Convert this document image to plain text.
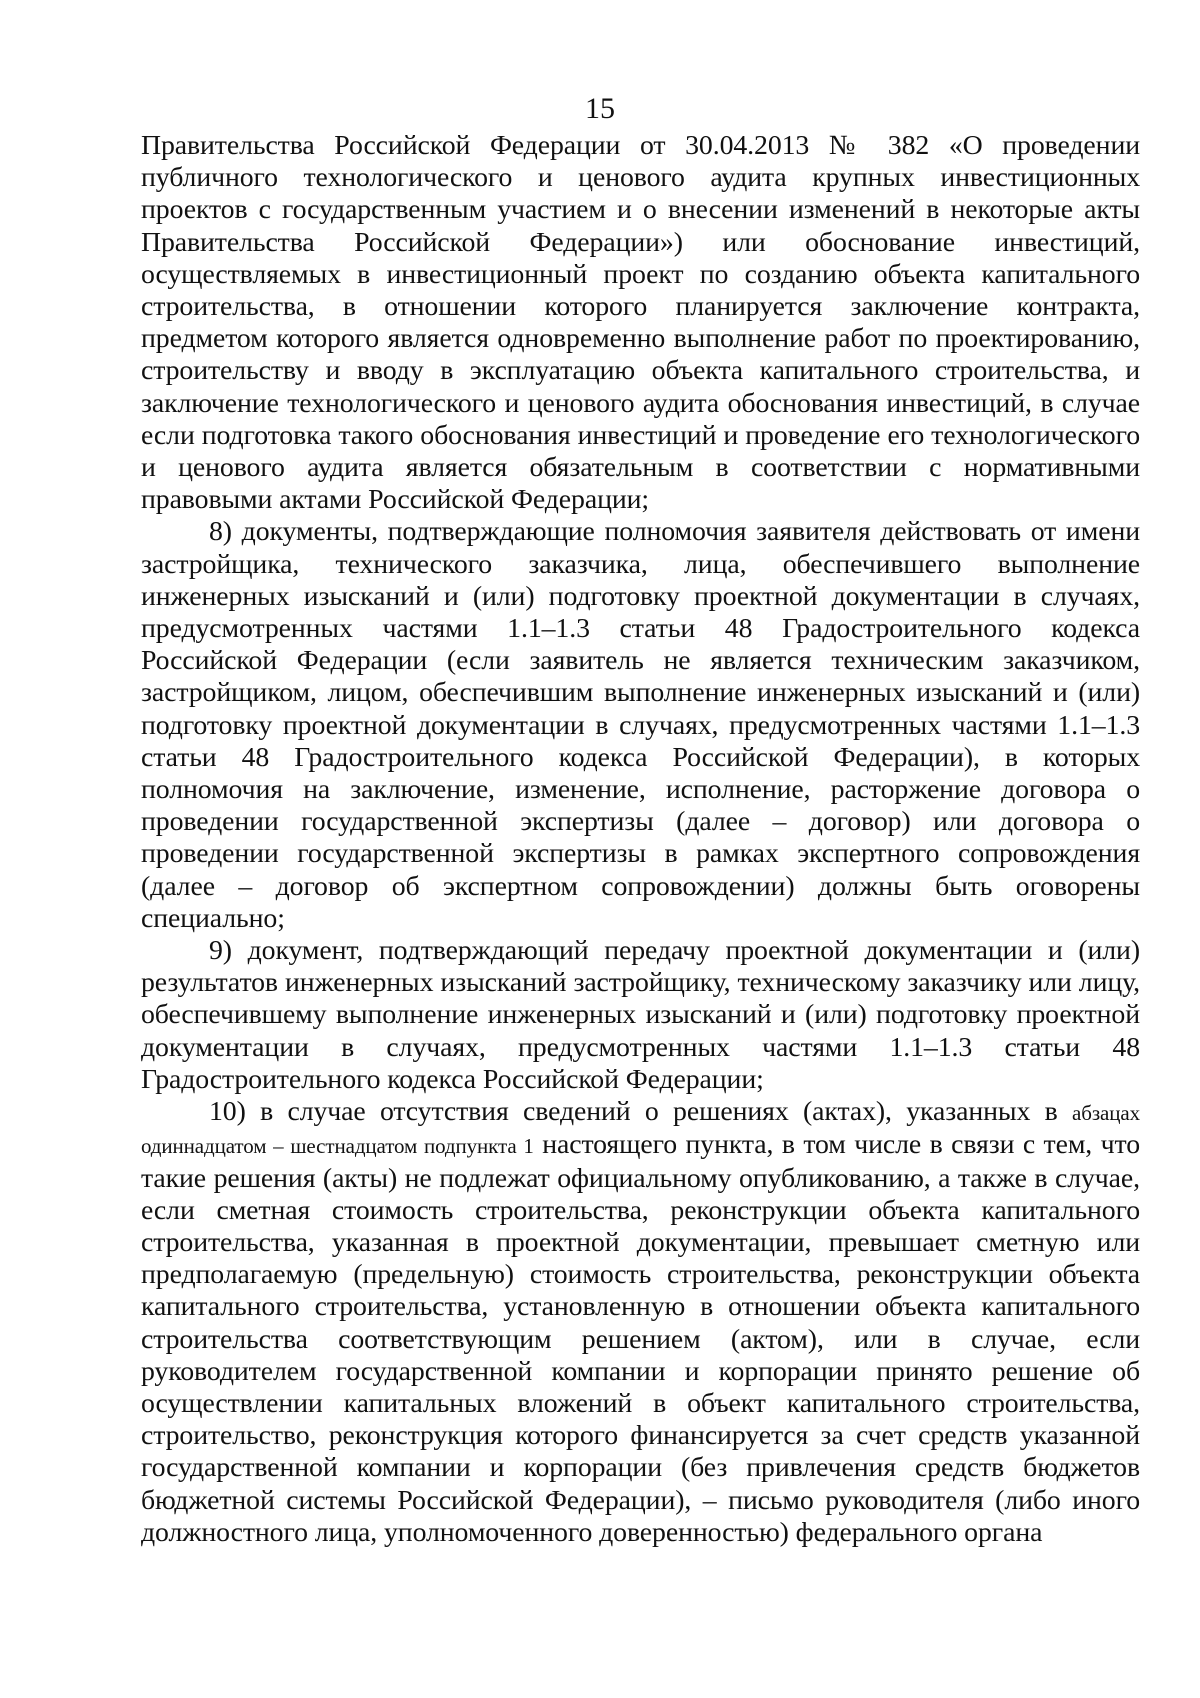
15

Правительства Российской Федерации от 30.04.2013 № 382 «О проведении публичного технологического и ценового аудита крупных инвестиционных проектов с государственным участием и о внесении изменений в некоторые акты Правительства Российской Федерации») или обоснование инвестиций, осуществляемых в инвестиционный проект по созданию объекта капитального строительства, в отношении которого планируется заключение контракта, предметом которого является одновременно выполнение работ по проектированию, строительству и вводу в эксплуатацию объекта капитального строительства, и заключение технологического и ценового аудита обоснования инвестиций, в случае если подготовка такого обоснования инвестиций и проведение его технологического и ценового аудита является обязательным в соответствии с нормативными правовыми актами Российской Федерации;

8) документы, подтверждающие полномочия заявителя действовать от имени застройщика, технического заказчика, лица, обеспечившего выполнение инженерных изысканий и (или) подготовку проектной документации в случаях, предусмотренных частями 1.1–1.3 статьи 48 Градостроительного кодекса Российской Федерации (если заявитель не является техническим заказчиком, застройщиком, лицом, обеспечившим выполнение инженерных изысканий и (или) подготовку проектной документации в случаях, предусмотренных частями 1.1–1.3 статьи 48 Градостроительного кодекса Российской Федерации), в которых полномочия на заключение, изменение, исполнение, расторжение договора о проведении государственной экспертизы (далее – договор) или договора о проведении государственной экспертизы в рамках экспертного сопровождения (далее – договор об экспертном сопровождении) должны быть оговорены специально;

9) документ, подтверждающий передачу проектной документации и (или) результатов инженерных изысканий застройщику, техническому заказчику или лицу, обеспечившему выполнение инженерных изысканий и (или) подготовку проектной документации в случаях, предусмотренных частями 1.1–1.3 статьи 48 Градостроительного кодекса Российской Федерации;

10) в случае отсутствия сведений о решениях (актах), указанных в абзацах одиннадцатом – шестнадцатом подпункта 1 настоящего пункта, в том числе в связи с тем, что такие решения (акты) не подлежат официальному опубликованию, а также в случае, если сметная стоимость строительства, реконструкции объекта капитального строительства, указанная в проектной документации, превышает сметную или предполагаемую (предельную) стоимость строительства, реконструкции объекта капитального строительства, установленную в отношении объекта капитального строительства соответствующим решением (актом), или в случае, если руководителем государственной компании и корпорации принято решение об осуществлении капитальных вложений в объект капитального строительства, строительство, реконструкция которого финансируется за счет средств указанной государственной компании и корпорации (без привлечения средств бюджетов бюджетной системы Российской Федерации), – письмо руководителя (либо иного должностного лица, уполномоченного доверенностью) федерального органа
